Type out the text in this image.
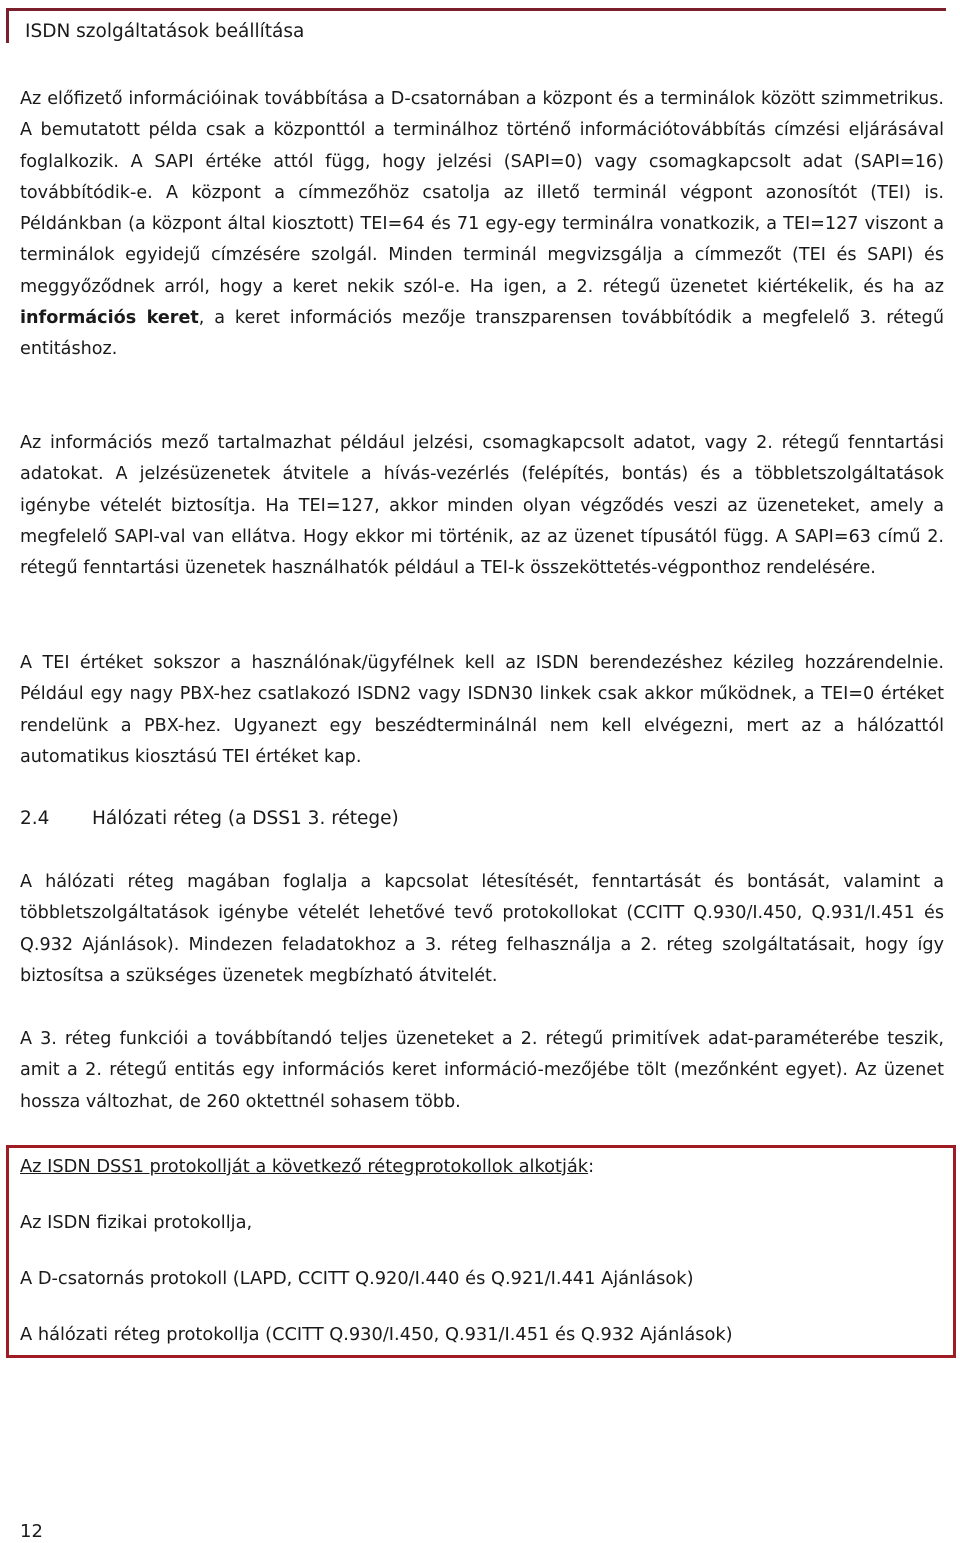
ISDN szolgáltatások beállítása

Az előfizető információinak továbbítása a D-csatornában a központ és a terminálok között szimmetrikus. A bemutatott példa csak a központtól a terminálhoz történő információtovábbítás címzési eljárásával foglalkozik. A SAPI értéke attól függ, hogy jelzési (SAPI=0) vagy csomagkapcsolt adat (SAPI=16) továbbítódik-e. A központ a címmezőhöz csatolja az illető terminál végpont azonosítót (TEI) is. Példánkban (a központ által kiosztott) TEI=64 és 71 egy-egy terminálra vonatkozik, a TEI=127 viszont a terminálok egyidejű címzésére szolgál. Minden terminál megvizsgálja a címmezőt (TEI és SAPI) és meggyőződnek arról, hogy a keret nekik szól-e. Ha igen, a 2. rétegű üzenetet kiértékelik, és ha az információs keret, a keret információs mezője transzparensen továbbítódik a megfelelő 3. rétegű entitáshoz.

Az információs mező tartalmazhat például jelzési, csomagkapcsolt adatot, vagy 2. rétegű fenntartási adatokat. A jelzésüzenetek átvitele a hívás-vezérlés (felépítés, bontás) és a többletszolgáltatások igénybe vételét biztosítja. Ha TEI=127, akkor minden olyan végződés veszi az üzeneteket, amely a megfelelő SAPI-val van ellátva. Hogy ekkor mi történik, az az üzenet típusától függ. A SAPI=63 című 2. rétegű fenntartási üzenetek használhatók például a TEI-k összeköttetés-végponthoz rendelésére.

A TEI értéket sokszor a használónak/ügyfélnek kell az ISDN berendezéshez kézileg hozzárendelnie. Például egy nagy PBX-hez csatlakozó ISDN2 vagy ISDN30 linkek csak akkor működnek, a TEI=0 értéket rendelünk a PBX-hez. Ugyanezt egy beszédterminálnál nem kell elvégezni, mert az a hálózattól automatikus kiosztású TEI értéket kap.

2.4 Hálózati réteg (a DSS1 3. rétege)

A hálózati réteg magában foglalja a kapcsolat létesítését, fenntartását és bontását, valamint a többletszolgáltatások igénybe vételét lehetővé tevő protokollokat (CCITT Q.930/I.450, Q.931/I.451 és Q.932 Ajánlások). Mindezen feladatokhoz a 3. réteg felhasználja a 2. réteg szolgáltatásait, hogy így biztosítsa a szükséges üzenetek megbízható átvitelét.

A 3. réteg funkciói a továbbítandó teljes üzeneteket a 2. rétegű primitívek adat-paraméterébe teszik, amit a 2. rétegű entitás egy információs keret információ-mezőjébe tölt (mezőnként egyet). Az üzenet hossza változhat, de 260 oktettnél sohasem több.

Az ISDN DSS1 protokollját a következő rétegprotokollok alkotják:
Az ISDN fizikai protokollja,
A D-csatornás protokoll (LAPD, CCITT Q.920/I.440 és Q.921/I.441 Ajánlások)
A hálózati réteg protokollja (CCITT Q.930/I.450, Q.931/I.451 és Q.932 Ajánlások)
12
